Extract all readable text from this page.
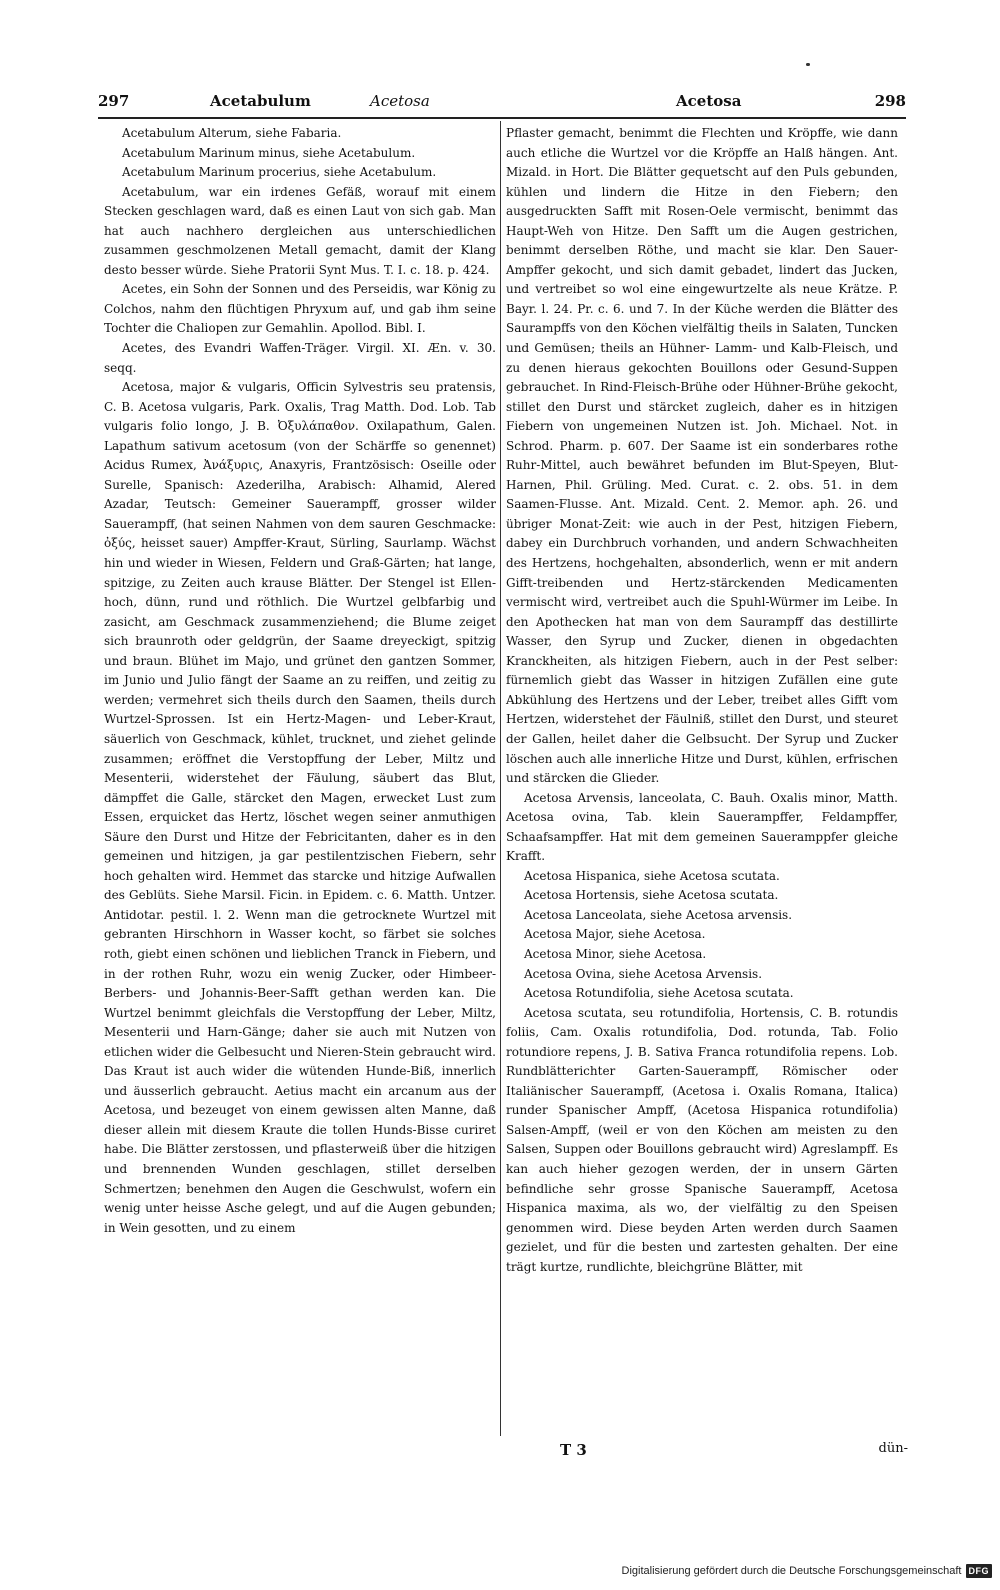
297	Acetabulum	Acetosa	Acetosa	298

Acetabulum Alterum, siehe Fabaria.

Acetabulum Marinum minus, siehe Acetabulum.

Acetabulum Marinum procerius, siehe Acetabulum.

Acetabulum, war ein irdenes Gefäß, worauf mit einem Stecken geschlagen ward, daß es einen Laut von sich gab. Man hat auch nachhero dergleichen aus unterschiedlichen zusammen geschmolzenen Metall gemacht, damit der Klang desto besser würde. Siehe Pratorii Synt Mus. T. I. c. 18. p. 424.

Acetes, ein Sohn der Sonnen und des Perseidis, war König zu Colchos, nahm den flüchtigen Phryxum auf, und gab ihm seine Tochter die Chaliopen zur Gemahlin. Apollod. Bibl. I.

Acetes, des Evandri Waffen-Träger. Virgil. XI. Æn. v. 30. seqq.

Acetosa, major & vulgaris, Officin Sylvestris seu pratensis, C. B. Acetosa vulgaris, Park. Oxalis, Trag Matth. Dod. Lob. Tab vulgaris folio longo, J. B. Ὀξυλάπαθον. Oxilapathum, Galen. Lapathum sativum acetosum (von der Schärffe so genennet) Acidus Rumex, Ἀνάξυρις, Anaxyris, Frantzösisch: Oseille oder Surelle, Spanisch: Azederilha, Arabisch: Alhamid, Alered Azadar, Teutsch: Gemeiner Sauerampff, grosser wilder Sauerampff, (hat seinen Nahmen von dem sauren Geschmacke: ὀξύς, heisset sauer) Ampffer-Kraut, Sürling, Saurlamp. Wächst hin und wieder in Wiesen, Feldern und Graß-Gärten; hat lange, spitzige, zu Zeiten auch krause Blätter. Der Stengel ist Ellen-hoch, dünn, rund und röthlich. Die Wurtzel gelbfarbig und zasicht, am Geschmack zusammenziehend; die Blume zeiget sich braunroth oder geldgrün, der Saame dreyeckigt, spitzig und braun. Blühet im Majo, und grünet den gantzen Sommer, im Junio und Julio fängt der Saame an zu reiffen, und zeitig zu werden; vermehret sich theils durch den Saamen, theils durch Wurtzel-Sprossen. Ist ein Hertz-Magen- und Leber-Kraut, säuerlich von Geschmack, kühlet, trucknet, und ziehet gelinde zusammen; eröffnet die Verstopffung der Leber, Miltz und Mesenterii, widerstehet der Fäulung, säubert das Blut, dämpffet die Galle, stärcket den Magen, erwecket Lust zum Essen, erquicket das Hertz, löschet wegen seiner anmuthigen Säure den Durst und Hitze der Febricitanten, daher es in den gemeinen und hitzigen, ja gar pestilentzischen Fiebern, sehr hoch gehalten wird. Hemmet das starcke und hitzige Aufwallen des Geblüts. Siehe Marsil. Ficin. in Epidem. c. 6. Matth. Untzer. Antidotar. pestil. l. 2. Wenn man die getrocknete Wurtzel mit gebranten Hirschhorn in Wasser kocht, so färbet sie solches roth, giebt einen schönen und lieblichen Tranck in Fiebern, und in der rothen Ruhr, wozu ein wenig Zucker, oder Himbeer- Berbers- und Johannis-Beer-Safft gethan werden kan. Die Wurtzel benimmt gleichfals die Verstopffung der Leber, Miltz, Mesenterii und Harn-Gänge; daher sie auch mit Nutzen von etlichen wider die Gelbesucht und Nieren-Stein gebraucht wird. Das Kraut ist auch wider die wütenden Hunde-Biß, innerlich und äusserlich gebraucht. Aetius macht ein arcanum aus der Acetosa, und bezeuget von einem gewissen alten Manne, daß dieser allein mit diesem Kraute die tollen Hunds-Bisse curiret habe. Die Blätter zerstossen, und pflasterweiß über die hitzigen und brennenden Wunden geschlagen, stillet derselben Schmertzen; benehmen den Augen die Geschwulst, wofern ein wenig unter heisse Asche gelegt, und auf die Augen gebunden; in Wein gesotten, und zu einem

Pflaster gemacht, benimmt die Flechten und Kröpffe, wie dann auch etliche die Wurtzel vor die Kröpffe an Halß hängen. Ant. Mizald. in Hort. Die Blätter gequetscht auf den Puls gebunden, kühlen und lindern die Hitze in den Fiebern; den ausgedruckten Safft mit Rosen-Oele vermischt, benimmt das Haupt-Weh von Hitze. Den Safft um die Augen gestrichen, benimmt derselben Röthe, und macht sie klar. Den Sauer-Ampffer gekocht, und sich damit gebadet, lindert das Jucken, und vertreibet so wol eine eingewurtzelte als neue Krätze. P. Bayr. l. 24. Pr. c. 6. und 7. In der Küche werden die Blätter des Saurampffs von den Köchen vielfältig theils in Salaten, Tuncken und Gemüsen; theils an Hühner- Lamm- und Kalb-Fleisch, und zu denen hieraus gekochten Bouillons oder Gesund-Suppen gebrauchet. In Rind-Fleisch-Brühe oder Hühner-Brühe gekocht, stillet den Durst und stärcket zugleich, daher es in hitzigen Fiebern von ungemeinen Nutzen ist. Joh. Michael. Not. in Schrod. Pharm. p. 607. Der Saame ist ein sonderbares rothe Ruhr-Mittel, auch bewähret befunden im Blut-Speyen, Blut-Harnen, Phil. Grüling. Med. Curat. c. 2. obs. 51. in dem Saamen-Flusse. Ant. Mizald. Cent. 2. Memor. aph. 26. und übriger Monat-Zeit: wie auch in der Pest, hitzigen Fiebern, dabey ein Durchbruch vorhanden, und andern Schwachheiten des Hertzens, hochgehalten, absonderlich, wenn er mit andern Gifft-treibenden und Hertz-stärckenden Medicamenten vermischt wird, vertreibet auch die Spuhl-Würmer im Leibe. In den Apothecken hat man von dem Saurampff das destillirte Wasser, den Syrup und Zucker, dienen in obgedachten Kranckheiten, als hitzigen Fiebern, auch in der Pest selber: fürnemlich giebt das Wasser in hitzigen Zufällen eine gute Abkühlung des Hertzens und der Leber, treibet alles Gifft vom Hertzen, widerstehet der Fäulniß, stillet den Durst, und steuret der Gallen, heilet daher die Gelbsucht. Der Syrup und Zucker löschen auch alle innerliche Hitze und Durst, kühlen, erfrischen und stärcken die Glieder.

Acetosa Arvensis, lanceolata, C. Bauh. Oxalis minor, Matth. Acetosa ovina, Tab. klein Sauerampffer, Feldampffer, Schaafsampffer. Hat mit dem gemeinen Saueramppfer gleiche Krafft.

Acetosa Hispanica, siehe Acetosa scutata.

Acetosa Hortensis, siehe Acetosa scutata.

Acetosa Lanceolata, siehe Acetosa arvensis.

Acetosa Major, siehe Acetosa.

Acetosa Minor, siehe Acetosa.

Acetosa Ovina, siehe Acetosa Arvensis.

Acetosa Rotundifolia, siehe Acetosa scutata.

Acetosa scutata, seu rotundifolia, Hortensis, C. B. rotundis foliis, Cam. Oxalis rotundifolia, Dod. rotunda, Tab. Folio rotundiore repens, J. B. Sativa Franca rotundifolia repens. Lob. Rundblätterichter Garten-Sauerampff, Römischer oder Italiänischer Sauerampff, (Acetosa i. Oxalis Romana, Italica) runder Spanischer Ampff, (Acetosa Hispanica rotundifolia) Salsen-Ampff, (weil er von den Köchen am meisten zu den Salsen, Suppen oder Bouillons gebraucht wird) Agreslampff. Es kan auch hieher gezogen werden, der in unsern Gärten befindliche sehr grosse Spanische Sauerampff, Acetosa Hispanica maxima, als wo, der vielfältig zu den Speisen genommen wird. Diese beyden Arten werden durch Saamen gezielet, und für die besten und zartesten gehalten. Der eine trägt kurtze, rundlichte, bleichgrüne Blätter, mit

T 3	dün-
Digitalisierung gefördert durch die Deutsche Forschungsgemeinschaft DFG
